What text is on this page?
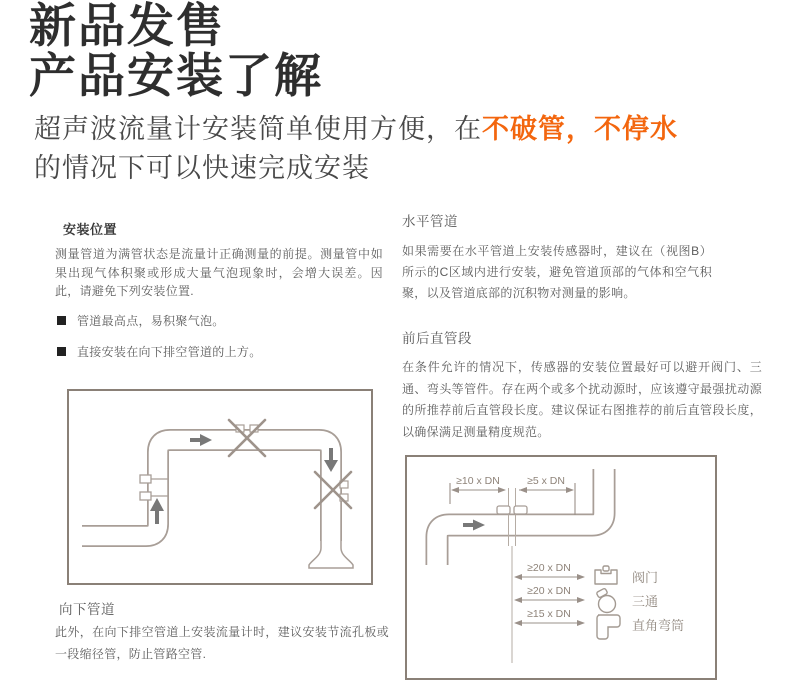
新品发售
产品安装了解
超声波流量计安装简单使用方便，在不破管，不停水
的情况下可以快速完成安装
安装位置
测量管道为满管状态是流量计正确测量的前提。测量管中如果出现气体积聚或形成大量气泡现象时，会增大误差。因此，请避免下列安装位置.
管道最高点，易积聚气泡。
直接安装在向下排空管道的上方。
向下管道
此外，在向下排空管道上安装流量计时，建议安装节流孔板或一段缩径管，防止管路空管.
水平管道
如果需要在水平管道上安装传感器时，建议在（视图B）所示的C区域内进行安装，避免管道顶部的气体和空气积聚，以及管道底部的沉积物对测量的影响。
前后直管段
在条件允许的情况下，传感器的安装位置最好可以避开阀门、三通、弯头等管件。存在两个或多个扰动源时，应该遵守最强扰动源的所推荐前后直管段长度。建议保证右图推荐的前后直管段长度，以确保满足测量精度规范。
≥10 x DN	≥5 x DN
≥20 x DN
≥20 x DN
≥15 x DN
阀门
三通
直角弯筒
